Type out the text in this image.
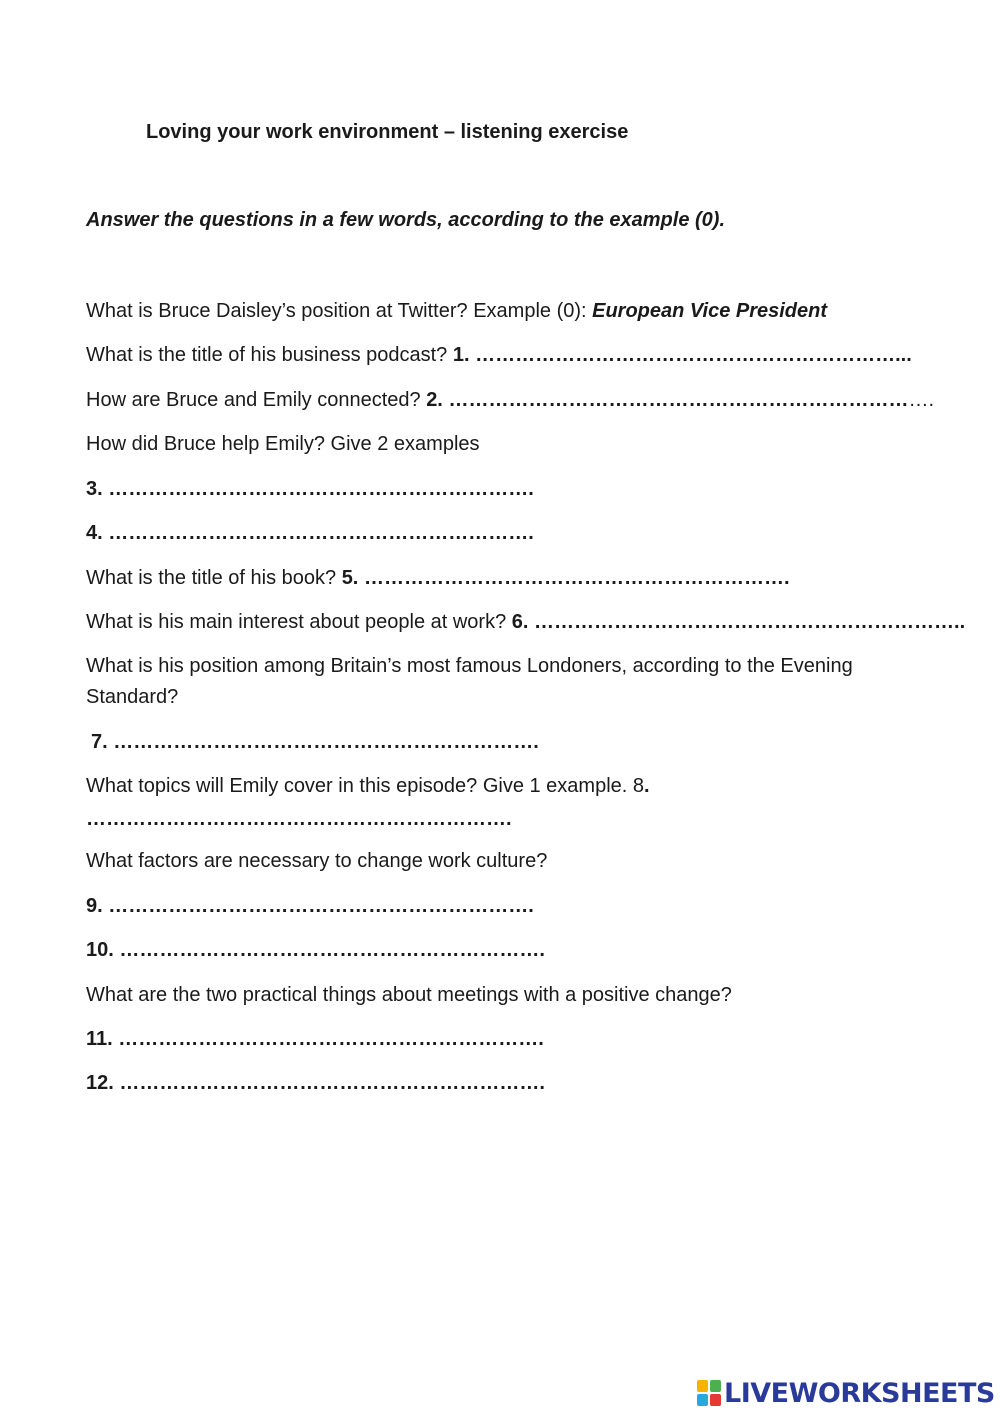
Loving your work environment – listening exercise
Answer the questions in a few words, according to the example (0).
What is Bruce Daisley’s position at Twitter? Example (0): European Vice President
What is the title of his business podcast? 1. ………………………………………………………...
How are Bruce and Emily connected? 2. ……………………………………………………………….
How did Bruce help Emily? Give 2 examples
3. ……………………………………………………….
4. ……………………………………………………….
What is the title of his book? 5. ……………………………………………………….
What is his main interest about people at work? 6. ………………………………………………………..
What is his position among Britain’s most famous Londoners, according to the Evening
Standard?
7. ……………………………………………………….
What topics will Emily cover in this episode? Give 1 example. 8.
……………………………………………………….
What factors are necessary to change work culture?
9. ……………………………………………………….
10. ……………………………………………………….
What are the two practical things about meetings with a positive change?
11. ……………………………………………………….
12. ……………………………………………………….
LIVEWORKSHEETS
